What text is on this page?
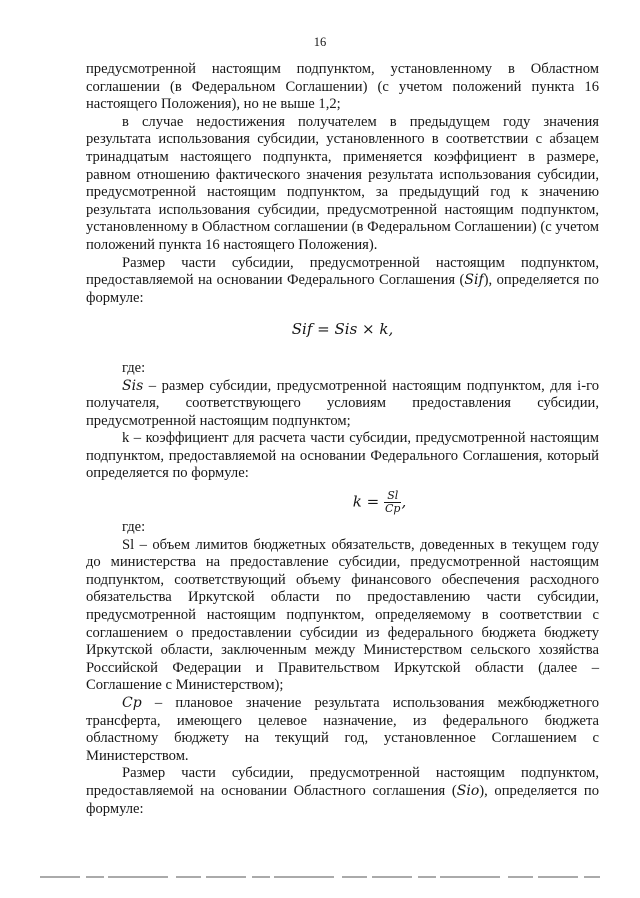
16

предусмотренной настоящим подпунктом, установленному в Областном соглашении (в Федеральном Соглашении) (с учетом положений пункта 16 настоящего Положения), но не выше 1,2;

в случае недостижения получателем в предыдущем году значения результата использования субсидии, установленного в соответствии с абзацем тринадцатым настоящего подпункта, применяется коэффициент в размере, равном отношению фактического значения результата использования субсидии, предусмотренной настоящим подпунктом, за предыдущий год к значению результата использования субсидии, предусмотренной настоящим подпунктом, установленному в Областном соглашении (в Федеральном Соглашении) (с учетом положений пункта 16 настоящего Положения).

Размер части субсидии, предусмотренной настоящим подпунктом, предоставляемой на основании Федерального Соглашения (Sif), определяется по формуле:

Sif = Sis × k,

где:

Sis – размер субсидии, предусмотренной настоящим подпунктом, для i-го получателя, соответствующего условиям предоставления субсидии, предусмотренной настоящим подпунктом;

k – коэффициент для расчета части субсидии, предусмотренной настоящим подпунктом, предоставляемой на основании Федерального Соглашения, который определяется по формуле:

$k = \frac{Sl}{Cp}$ ,

где:

Sl – объем лимитов бюджетных обязательств, доведенных в текущем году до министерства на предоставление субсидии, предусмотренной настоящим подпунктом, соответствующий объему финансового обеспечения расходного обязательства Иркутской области по предоставлению части субсидии, предусмотренной настоящим подпунктом, определяемому в соответствии с соглашением о предоставлении субсидии из федерального бюджета бюджету Иркутской области, заключенным между Министерством сельского хозяйства Российской Федерации и Правительством Иркутской области (далее – Соглашение с Министерством);

Cp – плановое значение результата использования межбюджетного трансферта, имеющего целевое назначение, из федерального бюджета областному бюджету на текущий год, установленное Соглашением с Министерством.

Размер части субсидии, предусмотренной настоящим подпунктом, предоставляемой на основании Областного соглашения (Sio), определяется по формуле:
